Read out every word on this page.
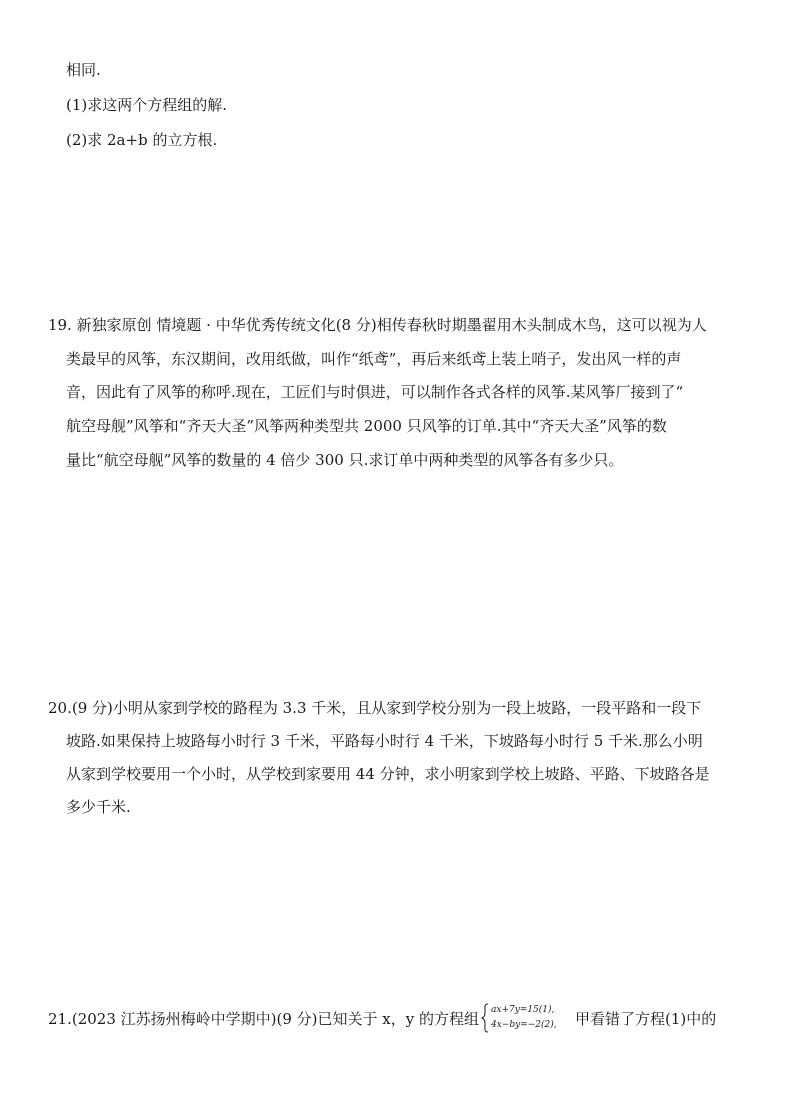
相同.
(1)求这两个方程组的解.
(2)求 2a+b 的立方根.
19. 新独家原创 情境题 · 中华优秀传统文化(8 分)相传春秋时期墨翟用木头制成木鸟，这可以视为人
类最早的风筝，东汉期间，改用纸做，叫作“纸鸢”，再后来纸鸢上装上哨子，发出风一样的声
音，因此有了风筝的称呼.现在，工匠们与时俱进，可以制作各式各样的风筝.某风筝厂接到了“
航空母舰”风筝和“齐天大圣”风筝两种类型共 2000 只风筝的订单.其中“齐天大圣”风筝的数
量比“航空母舰”风筝的数量的 4 倍少 300 只.求订单中两种类型的风筝各有多少只。
20.(9 分)小明从家到学校的路程为 3.3 千米，且从家到学校分别为一段上坡路，一段平路和一段下
坡路.如果保持上坡路每小时行 3 千米，平路每小时行 4 千米，下坡路每小时行 5 千米.那么小明
从家到学校要用一个小时，从学校到家要用 44 分钟，求小明家到学校上坡路、平路、下坡路各是
多少千米.
21.(2023 江苏扬州梅岭中学期中)(9 分)已知关于 x，y 的方程组 ax+7y=15(1),
4x−by=−2(2), 甲看错了方程(1)中的
